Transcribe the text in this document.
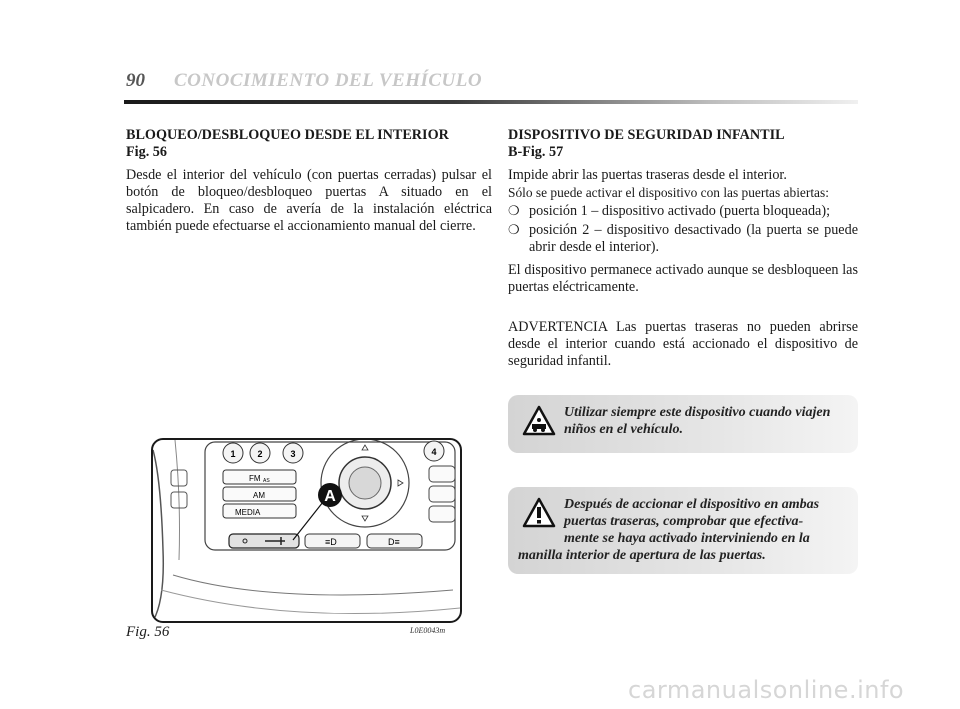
90 CONOCIMIENTO DEL VEHÍCULO

BLOQUEO/DESBLOQUEO DESDE EL INTERIOR
Fig. 56

Desde el interior del vehículo (con puertas cerradas) pulsar el botón de bloqueo/desbloqueo puertas A situado en el salpicadero. En caso de avería de la instalación eléctrica también puede efectuarse el accionamiento manual del cierre.

DISPOSITIVO DE SEGURIDAD INFANTIL
B-Fig. 57

Impide abrir las puertas traseras desde el interior.

Sólo se puede activar el dispositivo con las puertas abiertas:

❍ posición 1 – dispositivo activado (puerta bloqueada);
❍ posición 2 – dispositivo desactivado (la puerta se puede abrir desde el interior).

El dispositivo permanece activado aunque se desbloqueen las puertas eléctricamente.

ADVERTENCIA Las puertas traseras no pueden abrirse desde el interior cuando está accionado el dispositivo de seguridad infantil.

Utilizar siempre este dispositivo cuando viajen niños en el vehículo.
Después de accionar el dispositivo en ambas
puertas traseras, comprobar que efectiva-
mente se haya activado interviniendo en la
manilla interior de apertura de las puertas.
1 2	3	4
FM AS
AM
MEDIA
≡D	D≡
A
Fig. 56	L0E0043m
carmanualsonline.info
